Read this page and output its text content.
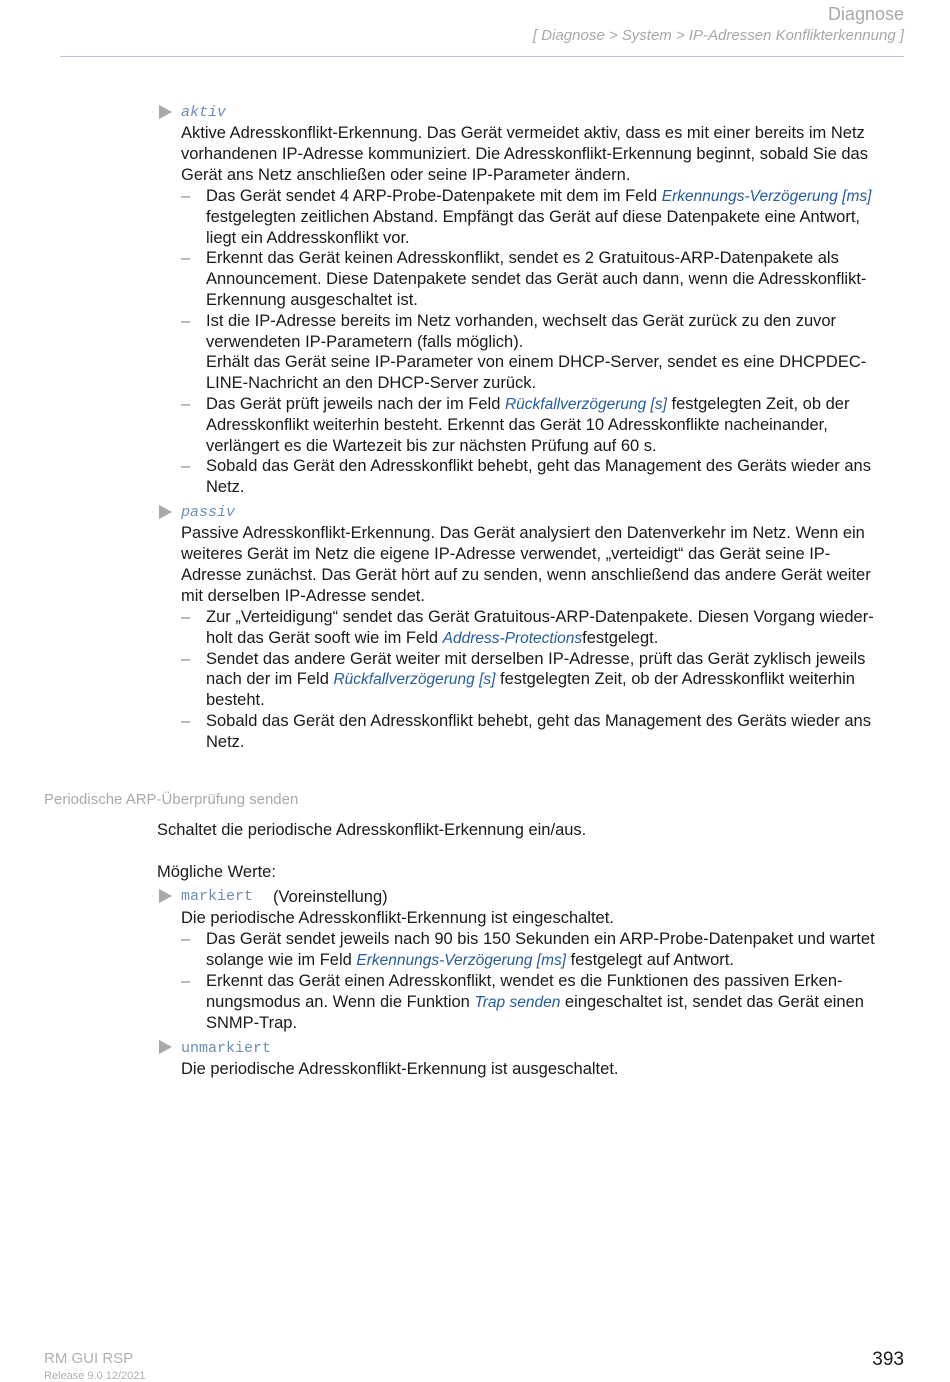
Diagnose
[ Diagnose > System > IP-Adressen Konflikterkennung ]
aktiv
Aktive Adresskonflikt-Erkennung. Das Gerät vermeidet aktiv, dass es mit einer bereits im Netz
vorhandenen IP-Adresse kommuniziert. Die Adresskonflikt-Erkennung beginnt, sobald Sie das
Gerät ans Netz anschließen oder seine IP-Parameter ändern.
– Das Gerät sendet 4 ARP-Probe-Datenpakete mit dem im Feld Erkennungs-Verzögerung [ms]
festgelegten zeitlichen Abstand. Empfängt das Gerät auf diese Datenpakete eine Antwort,
liegt ein Addresskonflikt vor.
– Erkennt das Gerät keinen Adresskonflikt, sendet es 2 Gratuitous-ARP-Datenpakete als
Announcement. Diese Datenpakete sendet das Gerät auch dann, wenn die Adresskonflikt-
Erkennung ausgeschaltet ist.
– Ist die IP-Adresse bereits im Netz vorhanden, wechselt das Gerät zurück zu den zuvor
verwendeten IP-Parametern (falls möglich).
Erhält das Gerät seine IP-Parameter von einem DHCP-Server, sendet es eine DHCPDEC-
LINE-Nachricht an den DHCP-Server zurück.
– Das Gerät prüft jeweils nach der im Feld Rückfallverzögerung [s] festgelegten Zeit, ob der
Adresskonflikt weiterhin besteht. Erkennt das Gerät 10 Adresskonflikte nacheinander,
verlängert es die Wartezeit bis zur nächsten Prüfung auf 60 s.
– Sobald das Gerät den Adresskonflikt behebt, geht das Management des Geräts wieder ans
Netz.
passiv
Passive Adresskonflikt-Erkennung. Das Gerät analysiert den Datenverkehr im Netz. Wenn ein
weiteres Gerät im Netz die eigene IP-Adresse verwendet, „verteidigt“ das Gerät seine IP-
Adresse zunächst. Das Gerät hört auf zu senden, wenn anschließend das andere Gerät weiter
mit derselben IP-Adresse sendet.
– Zur „Verteidigung“ sendet das Gerät Gratuitous-ARP-Datenpakete. Diesen Vorgang wieder-
holt das Gerät sooft wie im Feld Address-Protectionsfestgelegt.
– Sendet das andere Gerät weiter mit derselben IP-Adresse, prüft das Gerät zyklisch jeweils
nach der im Feld Rückfallverzögerung [s] festgelegten Zeit, ob der Adresskonflikt weiterhin
besteht.
– Sobald das Gerät den Adresskonflikt behebt, geht das Management des Geräts wieder ans
Netz.
Periodische ARP-Überprüfung senden
Schaltet die periodische Adresskonflikt-Erkennung ein/aus.
Mögliche Werte:
markiert (Voreinstellung)
Die periodische Adresskonflikt-Erkennung ist eingeschaltet.
– Das Gerät sendet jeweils nach 90 bis 150 Sekunden ein ARP-Probe-Datenpaket und wartet
solange wie im Feld Erkennungs-Verzögerung [ms] festgelegt auf Antwort.
– Erkennt das Gerät einen Adresskonflikt, wendet es die Funktionen des passiven Erken-
nungsmodus an. Wenn die Funktion Trap senden eingeschaltet ist, sendet das Gerät einen
SNMP-Trap.
unmarkiert
Die periodische Adresskonflikt-Erkennung ist ausgeschaltet.
RM GUI RSP
Release 9.0 12/2021
393
